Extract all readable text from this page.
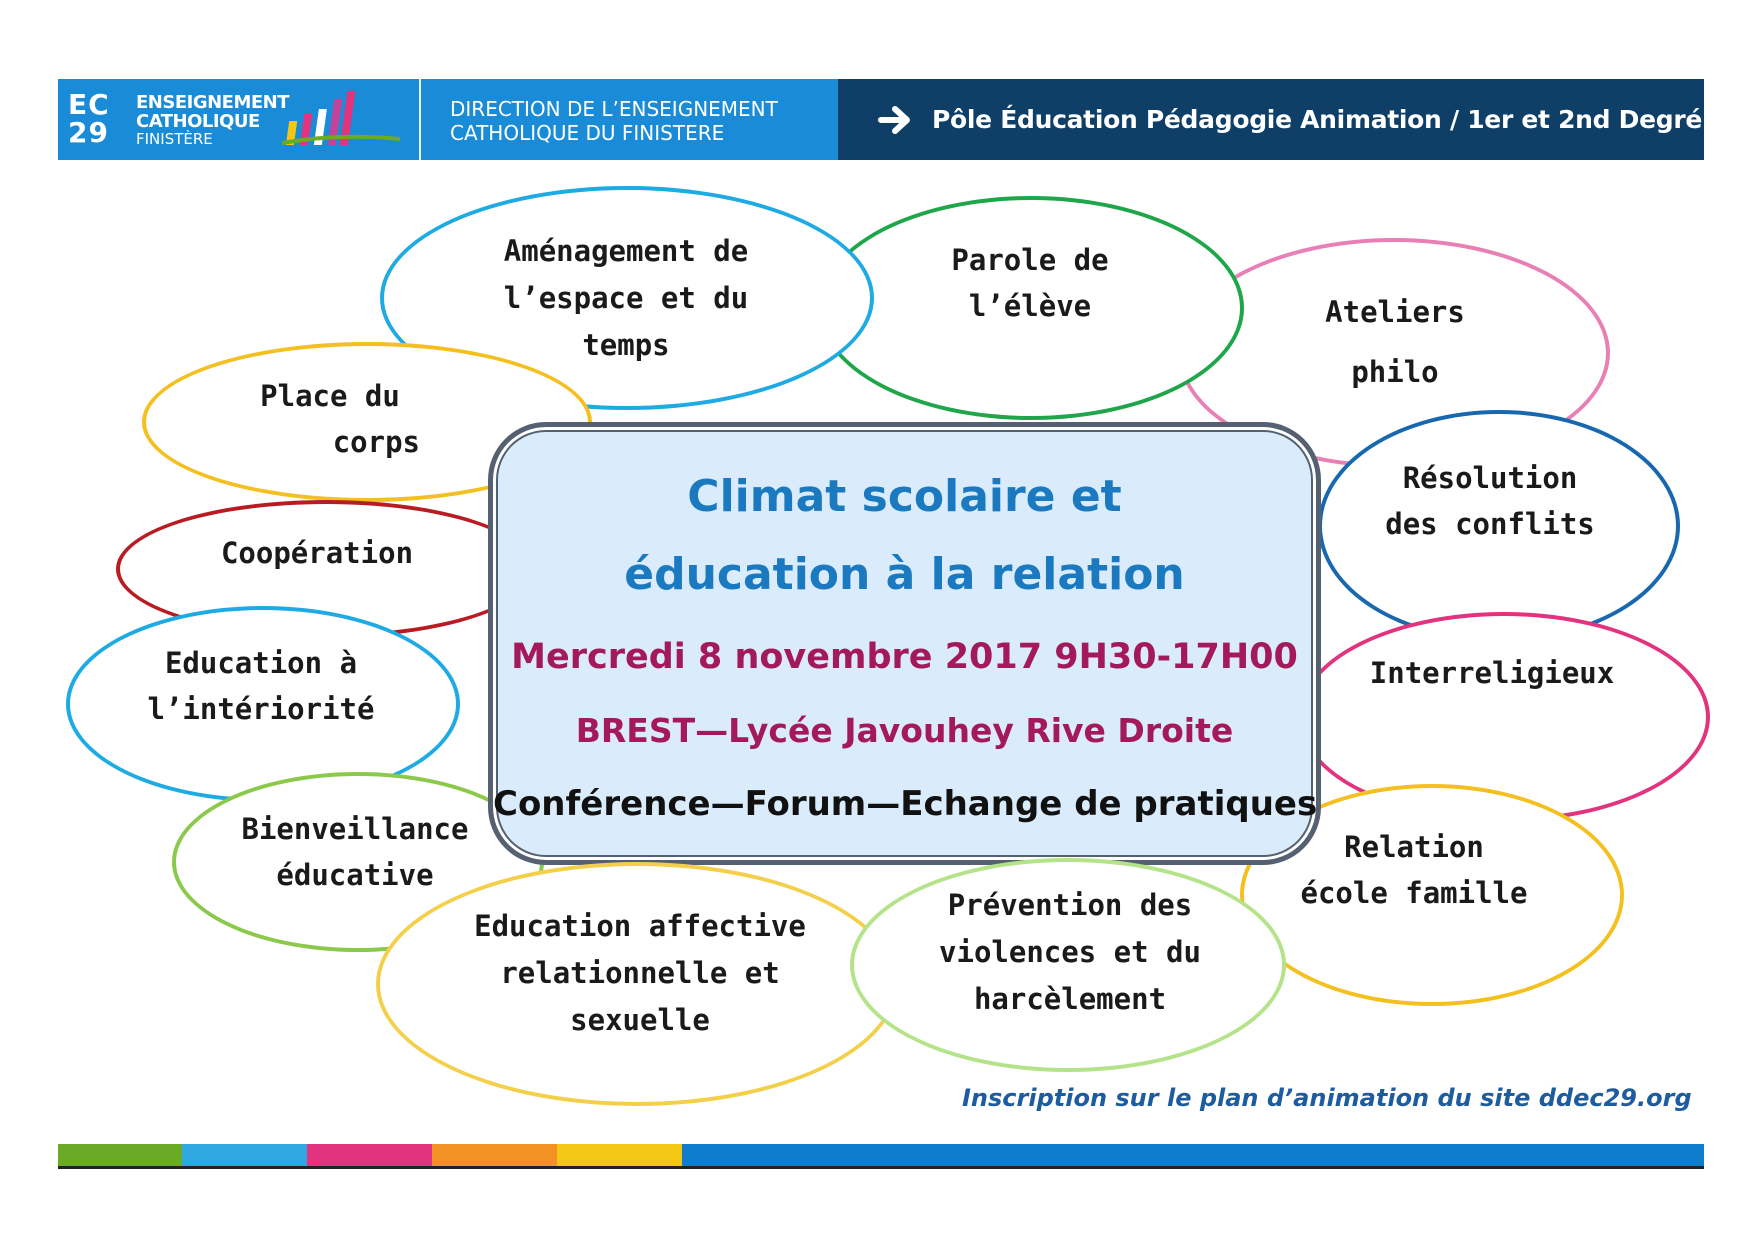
EC
29
ENSEIGNEMENT
CATHOLIQUE
FINISTÈRE
DIRECTION DE L’ENSEIGNEMENT
CATHOLIQUE DU FINISTERE	Pôle Éducation Pédagogie Animation / 1er et 2nd Degré
Climat scolaire et
éducation à la relation
Mercredi 8 novembre 2017 9H30-17H00
BREST—Lycée Javouhey Rive Droite
Conférence—Forum—Echange de pratiques
Aménagement de
l’espace et du
temps
Parole de
l’élève	Ateliers
philo
Place du
corps
Résolution
des conflits
Coopération
Education à
l’intériorité
Interreligieux
Bienveillance
éducative
Relation
école famille
Education affective
relationnelle et
sexuelle
Prévention des
violences et du
harcèlement
Inscription sur le plan d’animation du site ddec29.org
